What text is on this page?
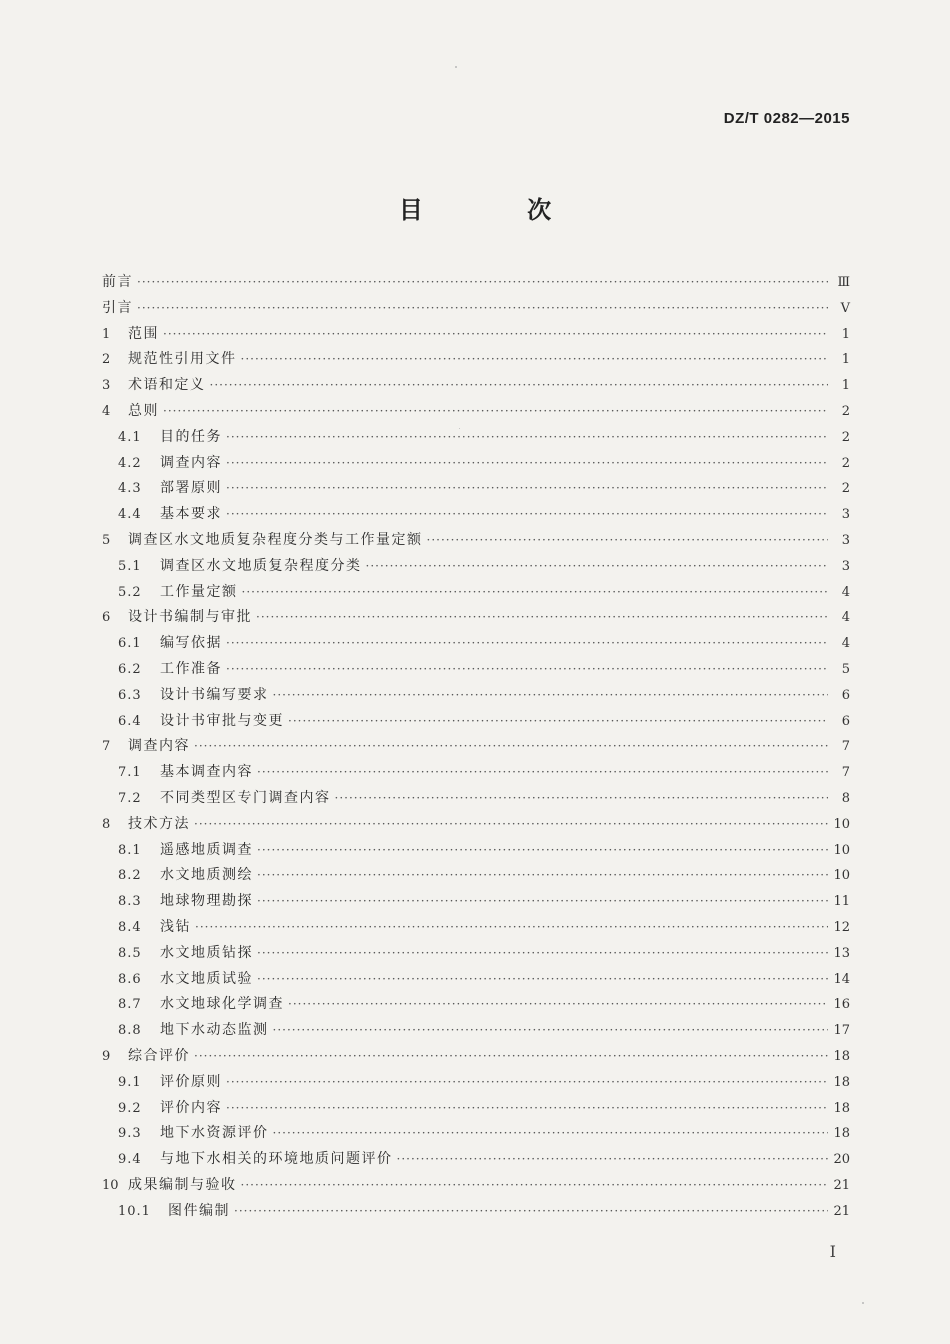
DZ/T 0282—2015
目 次
前言 ·····	Ⅲ
引言 ·····	Ⅴ
1	范围 ·····	1
2	规范性引用文件 ·····	1
3	术语和定义 ·····	1
4	总则 ·····	2
4.1	目的任务 ·····	2
4.2	调查内容 ·····	2
4.3	部署原则 ·····	2
4.4	基本要求 ·····	3
5	调查区水文地质复杂程度分类与工作量定额 ·····	3
5.1	调查区水文地质复杂程度分类 ·····	3
5.2	工作量定额 ·····	4
6	设计书编制与审批 ·····	4
6.1	编写依据 ·····	4
6.2	工作准备 ·····	5
6.3	设计书编写要求 ·····	6
6.4	设计书审批与变更 ·····	6
7	调查内容 ·····	7
7.1	基本调查内容 ·····	7
7.2	不同类型区专门调查内容 ·····	8
8	技术方法 ·····	10
8.1	遥感地质调查 ·····	10
8.2	水文地质测绘 ·····	10
8.3	地球物理勘探 ·····	11
8.4	浅钻 ·····	12
8.5	水文地质钻探 ·····	13
8.6	水文地质试验 ·····	14
8.7	水文地球化学调查 ·····	16
8.8	地下水动态监测 ·····	17
9	综合评价 ·····	18
9.1	评价原则 ·····	18
9.2	评价内容 ·····	18
9.3	地下水资源评价 ·····	18
9.4	与地下水相关的环境地质问题评价 ·····	20
10 成果编制与验收 ·····	21
10.1	图件编制 ·····	21
I
